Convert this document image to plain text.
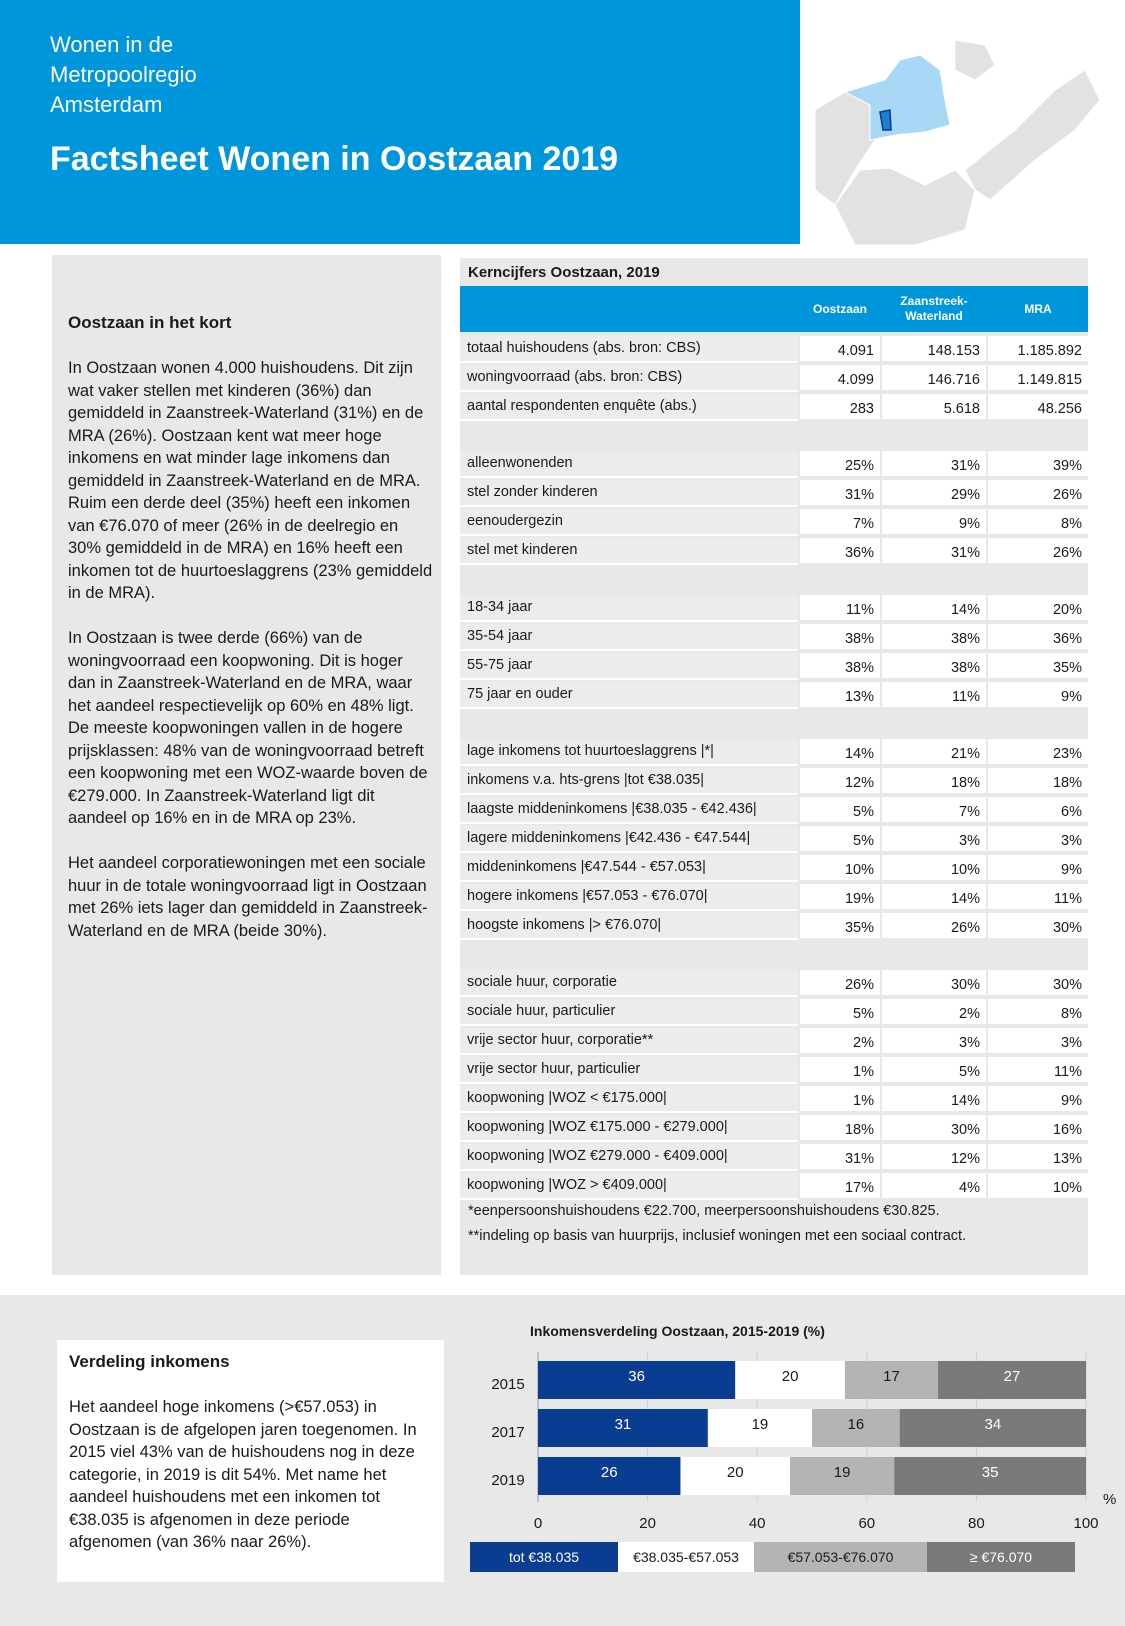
Wonen in de
Metropoolregio
Amsterdam
Factsheet Wonen in Oostzaan 2019
Oostzaan in het kort

In Oostzaan wonen 4.000 huishoudens. Dit zijn wat vaker stellen met kinderen (36%) dan gemiddeld in Zaanstreek-Waterland (31%) en de MRA (26%). Oostzaan kent wat meer hoge inkomens en wat minder lage inkomens dan gemiddeld in Zaanstreek-Waterland en de MRA. Ruim een derde deel (35%) heeft een inkomen van €76.070 of meer (26% in de deelregio en 30% gemiddeld in de MRA) en 16% heeft een inkomen tot de huurtoeslaggrens (23% gemiddeld in de MRA).

In Oostzaan is twee derde (66%) van de woningvoorraad een koopwoning. Dit is hoger dan in Zaanstreek-Waterland en de MRA, waar het aandeel respectievelijk op 60% en 48% ligt. De meeste koopwoningen vallen in de hogere prijsklassen: 48% van de woningvoorraad betreft een koopwoning met een WOZ-waarde boven de €279.000. In Zaanstreek-Waterland ligt dit aandeel op 16% en in de MRA op 23%.

Het aandeel corporatiewoningen met een sociale huur in de totale woningvoorraad ligt in Oostzaan met 26% iets lager dan gemiddeld in Zaanstreek-Waterland en de MRA (beide 30%).

Kerncijfers Oostzaan, 2019
Oostzaan
Zaanstreek-
Waterland	MRA
totaal huishoudens (abs. bron: CBS)	4.091	148.153	1.185.892
woningvoorraad (abs. bron: CBS)	4.099	146.716	1.149.815
aantal respondenten enquête (abs.)	283	5.618	48.256
alleenwonenden	25%	31%	39%
stel zonder kinderen	31%	29%	26%
eenoudergezin	7%	9%	8%
stel met kinderen	36%	31%	26%
18-34 jaar	11%	14%	20%
35-54 jaar	38%	38%	36%
55-75 jaar	38%	38%	35%
75 jaar en ouder	13%	11%	9%
lage inkomens tot huurtoeslaggrens |*|	14%	21%	23%
inkomens v.a. hts-grens |tot €38.035|	12%	18%	18%
laagste middeninkomens |€38.035 - €42.436|	5%	7%	6%
lagere middeninkomens |€42.436 - €47.544|	5%	3%	3%
middeninkomens |€47.544 - €57.053|	10%	10%	9%
hogere inkomens |€57.053 - €76.070|	19%	14%	11%
hoogste inkomens |> €76.070|	35%	26%	30%
sociale huur, corporatie	26%	30%	30%
sociale huur, particulier	5%	2%	8%
vrije sector huur, corporatie**	2%	3%	3%
vrije sector huur, particulier	1%	5%	11%
koopwoning |WOZ < €175.000|	1%	14%	9%
koopwoning |WOZ €175.000 - €279.000|	18%	30%	16%
koopwoning |WOZ €279.000 - €409.000|	31%	12%	13%
koopwoning |WOZ > €409.000|	17%	4%	10%
*eenpersoonshuishoudens €22.700, meerpersoonshuishoudens €30.825.
**indeling op basis van huurprijs, inclusief woningen met een sociaal contract.
Verdeling inkomens

Het aandeel hoge inkomens (>€57.053) in Oostzaan is de afgelopen jaren toegenomen. In 2015 viel 43% van de huishoudens nog in deze categorie, in 2019 is dit 54%. Met name het aandeel huishoudens met een inkomen tot €38.035 is afgenomen in deze periode afgenomen (van 36% naar 26%).

Inkomensverdeling Oostzaan, 2015-2019 (%)
0	20	40	60	80	100
%
2015	36	20	17	27
2017	31	19	16	34
2019	26	20	19	35
tot €38.035	€38.035-€57.053	€57.053-€76.070	≥ €76.070
